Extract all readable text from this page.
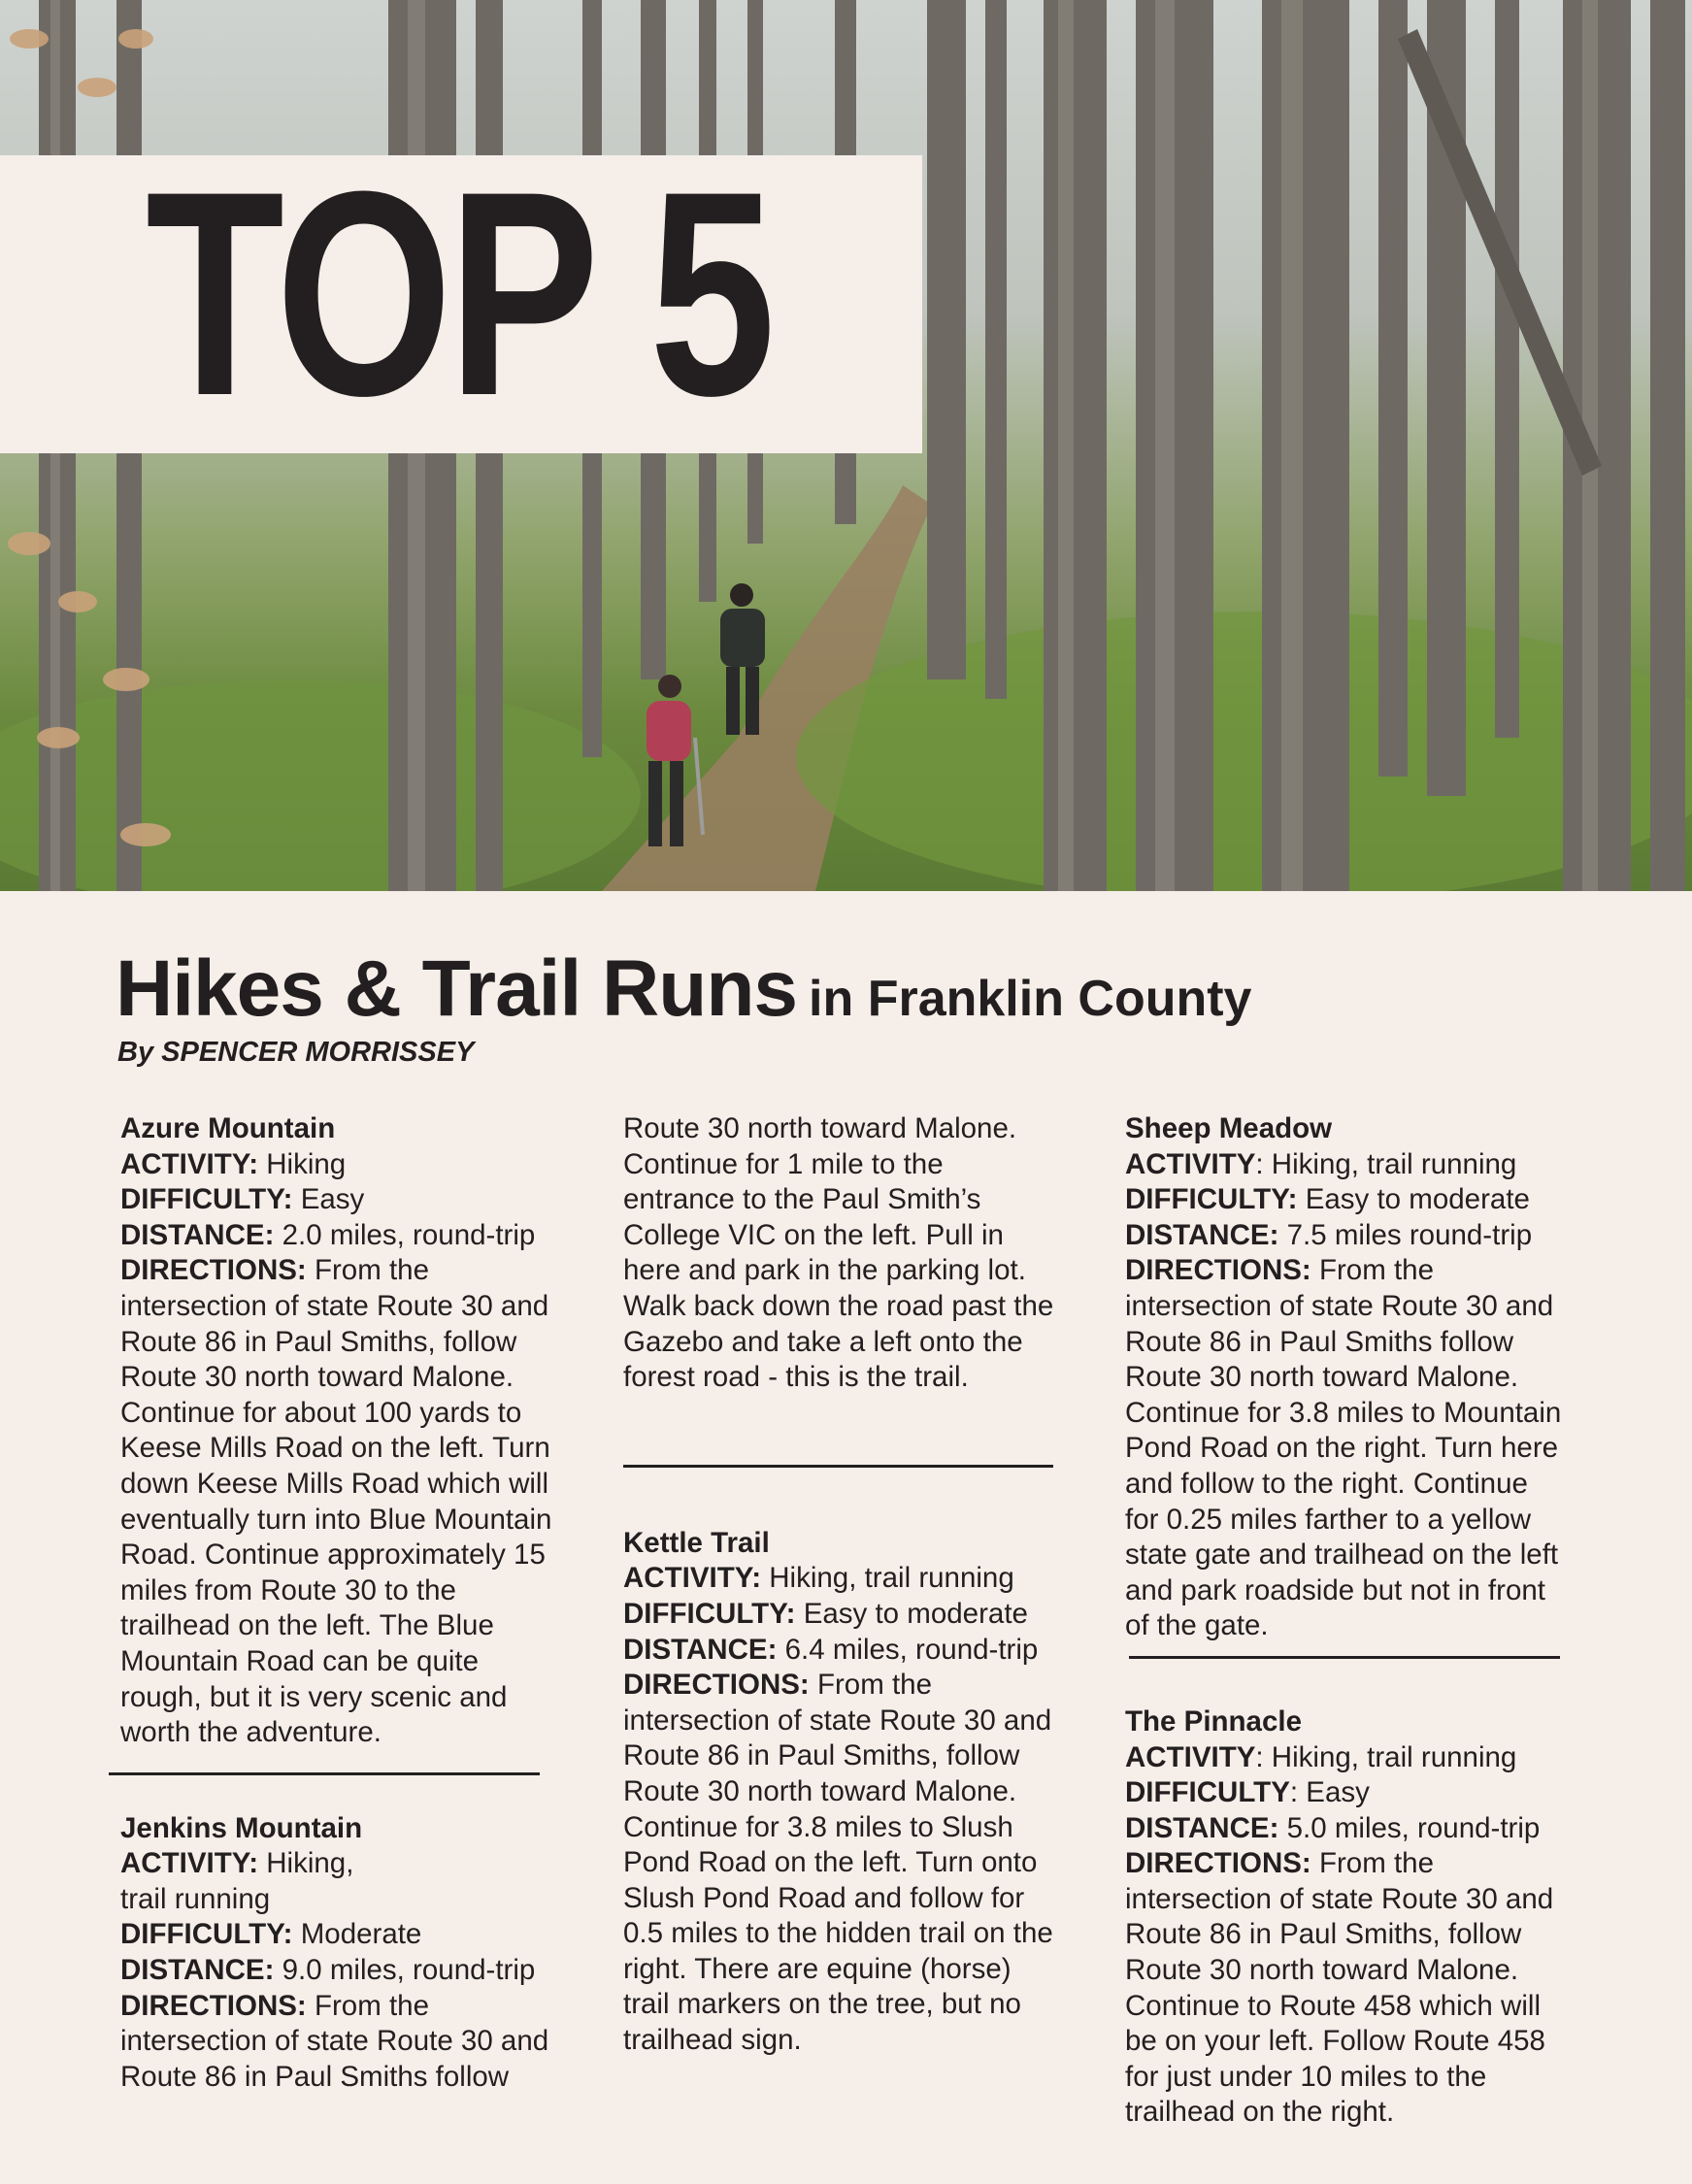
TOP 5
Hikes & Trail Runs in Franklin County

By SPENCER MORRISSEY

Azure Mountain
ACTIVITY: Hiking
DIFFICULTY: Easy
DISTANCE: 2.0 miles, round-trip

DIRECTIONS: From the

intersection of state Route 30 and

Route 86 in Paul Smiths, follow

Route 30 north toward Malone.

Continue for about 100 yards to

Keese Mills Road on the left. Turn

down Keese Mills Road which will

eventually turn into Blue Mountain

Road. Continue approximately 15

miles from Route 30 to the

trailhead on the left. The Blue

Mountain Road can be quite

rough, but it is very scenic and

worth the adventure.

Jenkins Mountain
ACTIVITY: Hiking,
trail running
DIFFICULTY: Moderate
DISTANCE: 9.0 miles, round-trip

DIRECTIONS: From the

intersection of state Route 30 and

Route 86 in Paul Smiths follow

Route 30 north toward Malone.

Continue for 1 mile to the

entrance to the Paul Smith’s

College VIC on the left. Pull in

here and park in the parking lot.

Walk back down the road past the

Gazebo and take a left onto the

forest road - this is the trail.

Kettle Trail
ACTIVITY: Hiking, trail running
DIFFICULTY: Easy to moderate
DISTANCE: 6.4 miles, round-trip

DIRECTIONS: From the

intersection of state Route 30 and

Route 86 in Paul Smiths, follow

Route 30 north toward Malone.

Continue for 3.8 miles to Slush

Pond Road on the left. Turn onto

Slush Pond Road and follow for

0.5 miles to the hidden trail on the

right. There are equine (horse)

trail markers on the tree, but no

trailhead sign.

Sheep Meadow
ACTIVITY: Hiking, trail running
DIFFICULTY: Easy to moderate
DISTANCE: 7.5 miles round-trip

DIRECTIONS: From the

intersection of state Route 30 and

Route 86 in Paul Smiths follow

Route 30 north toward Malone.

Continue for 3.8 miles to Mountain

Pond Road on the right. Turn here

and follow to the right. Continue

for 0.25 miles farther to a yellow

state gate and trailhead on the left

and park roadside but not in front

of the gate.

The Pinnacle
ACTIVITY: Hiking, trail running
DIFFICULTY: Easy
DISTANCE: 5.0 miles, round-trip

DIRECTIONS: From the

intersection of state Route 30 and

Route 86 in Paul Smiths, follow

Route 30 north toward Malone.

Continue to Route 458 which will

be on your left. Follow Route 458

for just under 10 miles to the

trailhead on the right.
